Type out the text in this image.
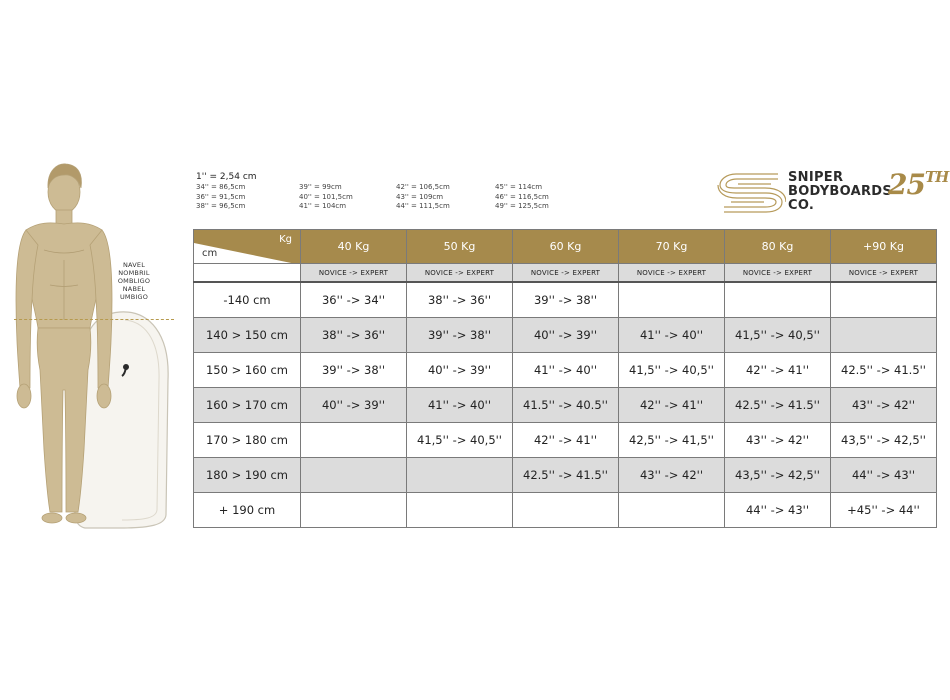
NAVEL
NOMBRIL
OMBLIGO
NABEL
UMBIGO
1'' = 2,54 cm
34'' = 86,5cm
36'' = 91,5cm
38'' = 96,5cm
39'' = 99cm
40'' = 101,5cm
41'' = 104cm
42'' = 106,5cm
43'' = 109cm
44'' = 111,5cm
45'' = 114cm
46'' = 116,5cm
49'' = 125,5cm
SNIPER
BODYBOARDS
CO.
25TH
Kg
cm	40 Kg	50 Kg	60 Kg	70 Kg	80 Kg	+90 Kg
	NOVICE -> EXPERT	NOVICE -> EXPERT	NOVICE -> EXPERT	NOVICE -> EXPERT	NOVICE -> EXPERT	NOVICE -> EXPERT
-140 cm	36'' -> 34''	38'' -> 36''	39'' -> 38''			
140 > 150 cm	38'' -> 36''	39'' -> 38''	40'' -> 39''	41'' -> 40''	41,5'' -> 40,5''	
150 > 160 cm	39'' -> 38''	40'' -> 39''	41'' -> 40''	41,5'' -> 40,5''	42'' -> 41''	42.5'' -> 41.5''
160 > 170 cm	40'' -> 39''	41'' -> 40''	41.5'' -> 40.5''	42'' -> 41''	42.5'' -> 41.5''	43'' -> 42''
170 > 180 cm		41,5'' -> 40,5''	42'' -> 41''	42,5'' -> 41,5''	43'' -> 42''	43,5'' -> 42,5''
180 > 190 cm			42.5'' -> 41.5''	43'' -> 42''	43,5'' -> 42,5''	44'' -> 43''
+ 190 cm					44'' -> 43''	+45'' -> 44''
